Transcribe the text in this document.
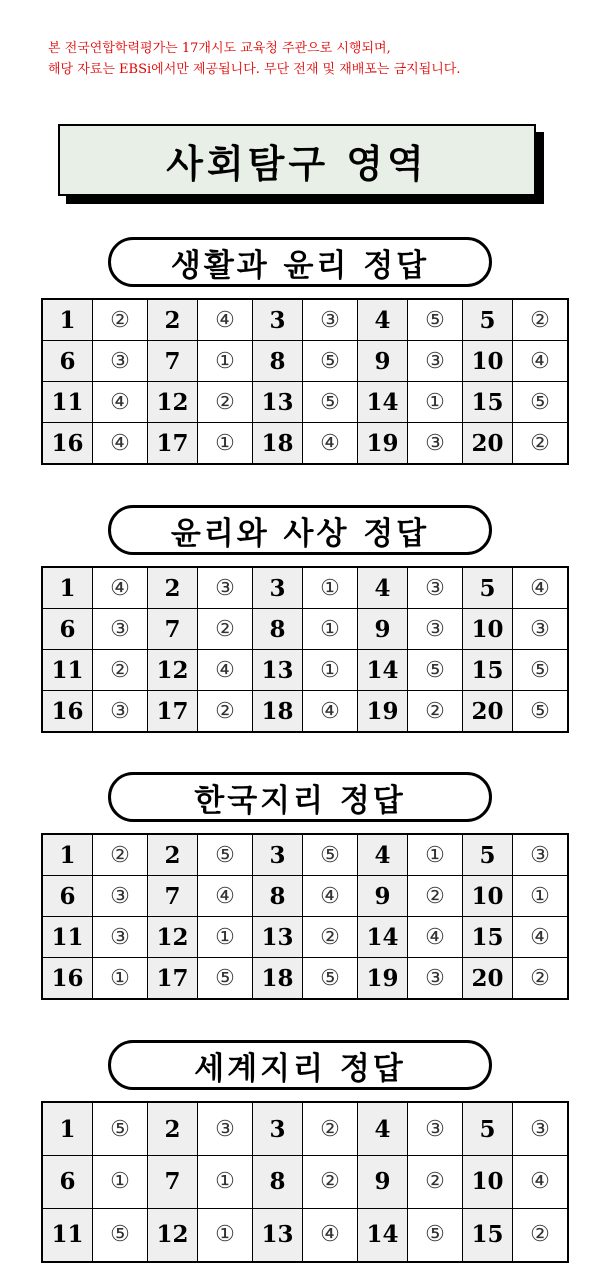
본 전국연합학력평가는 17개시도 교육청 주관으로 시행되며,
해당 자료는 EBSi에서만 제공됩니다. 무단 전재 및 재배포는 금지됩니다.
사회탐구 영역
생활과 윤리 정답
1	②	2	④	3	③	4	⑤	5	②
6	③	7	①	8	⑤	9	③	10	④
11	④	12	②	13	⑤	14	①	15	⑤
16	④	17	①	18	④	19	③	20	②
윤리와 사상 정답
1	④	2	③	3	①	4	③	5	④
6	③	7	②	8	①	9	③	10	③
11	②	12	④	13	①	14	⑤	15	⑤
16	③	17	②	18	④	19	②	20	⑤
한국지리 정답
1	②	2	⑤	3	⑤	4	①	5	③
6	③	7	④	8	④	9	②	10	①
11	③	12	①	13	②	14	④	15	④
16	①	17	⑤	18	⑤	19	③	20	②
세계지리 정답
1	⑤	2	③	3	②	4	③	5	③
6	①	7	①	8	②	9	②	10	④
11	⑤	12	①	13	④	14	⑤	15	②
